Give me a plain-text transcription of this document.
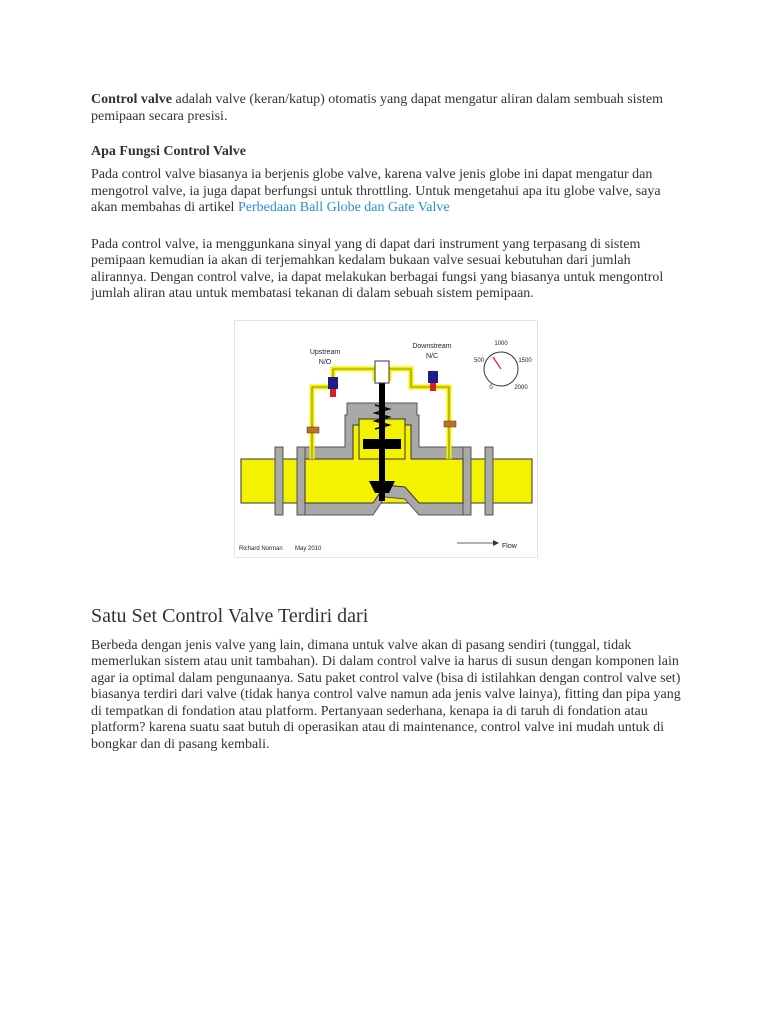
Control valve adalah valve (keran/katup) otomatis yang dapat mengatur aliran dalam sembuah sistem pemipaan secara presisi.

Apa Fungsi Control Valve

Pada control valve biasanya ia berjenis globe valve, karena valve jenis globe ini dapat mengatur dan mengotrol valve, ia juga dapat berfungsi untuk throttling. Untuk mengetahui apa itu globe valve, saya akan membahas di artikel Perbedaan Ball Globe dan Gate Valve

Pada control valve, ia menggunkana sinyal yang di dapat dari instrument yang terpasang di sistem pemipaan kemudian ia akan di terjemahkan kedalam bukaan valve sesuai kebutuhan dari jumlah alirannya. Dengan control valve, ia dapat melakukan berbagai fungsi yang biasanya untuk mengontrol jumlah aliran atau untuk membatasi tekanan di dalam sebuah sistem pemipaan.

Upstream
N/O
Downstream
N/C
1000
500	1500
0	2000
Richard Norman May 2010	Flow
Satu Set Control Valve Terdiri dari

Berbeda dengan jenis valve yang lain, dimana untuk valve akan di pasang sendiri (tunggal, tidak memerlukan sistem atau unit tambahan). Di dalam control valve ia harus di susun dengan komponen lain agar ia optimal dalam pengunaanya. Satu paket control valve (bisa di istilahkan dengan control valve set) biasanya terdiri dari valve (tidak hanya control valve namun ada jenis valve lainya), fitting dan pipa yang di tempatkan di fondation atau platform. Pertanyaan sederhana, kenapa ia di taruh di fondation atau platform? karena suatu saat butuh di operasikan atau di maintenance, control valve ini mudah untuk di bongkar dan di pasang kembali.
